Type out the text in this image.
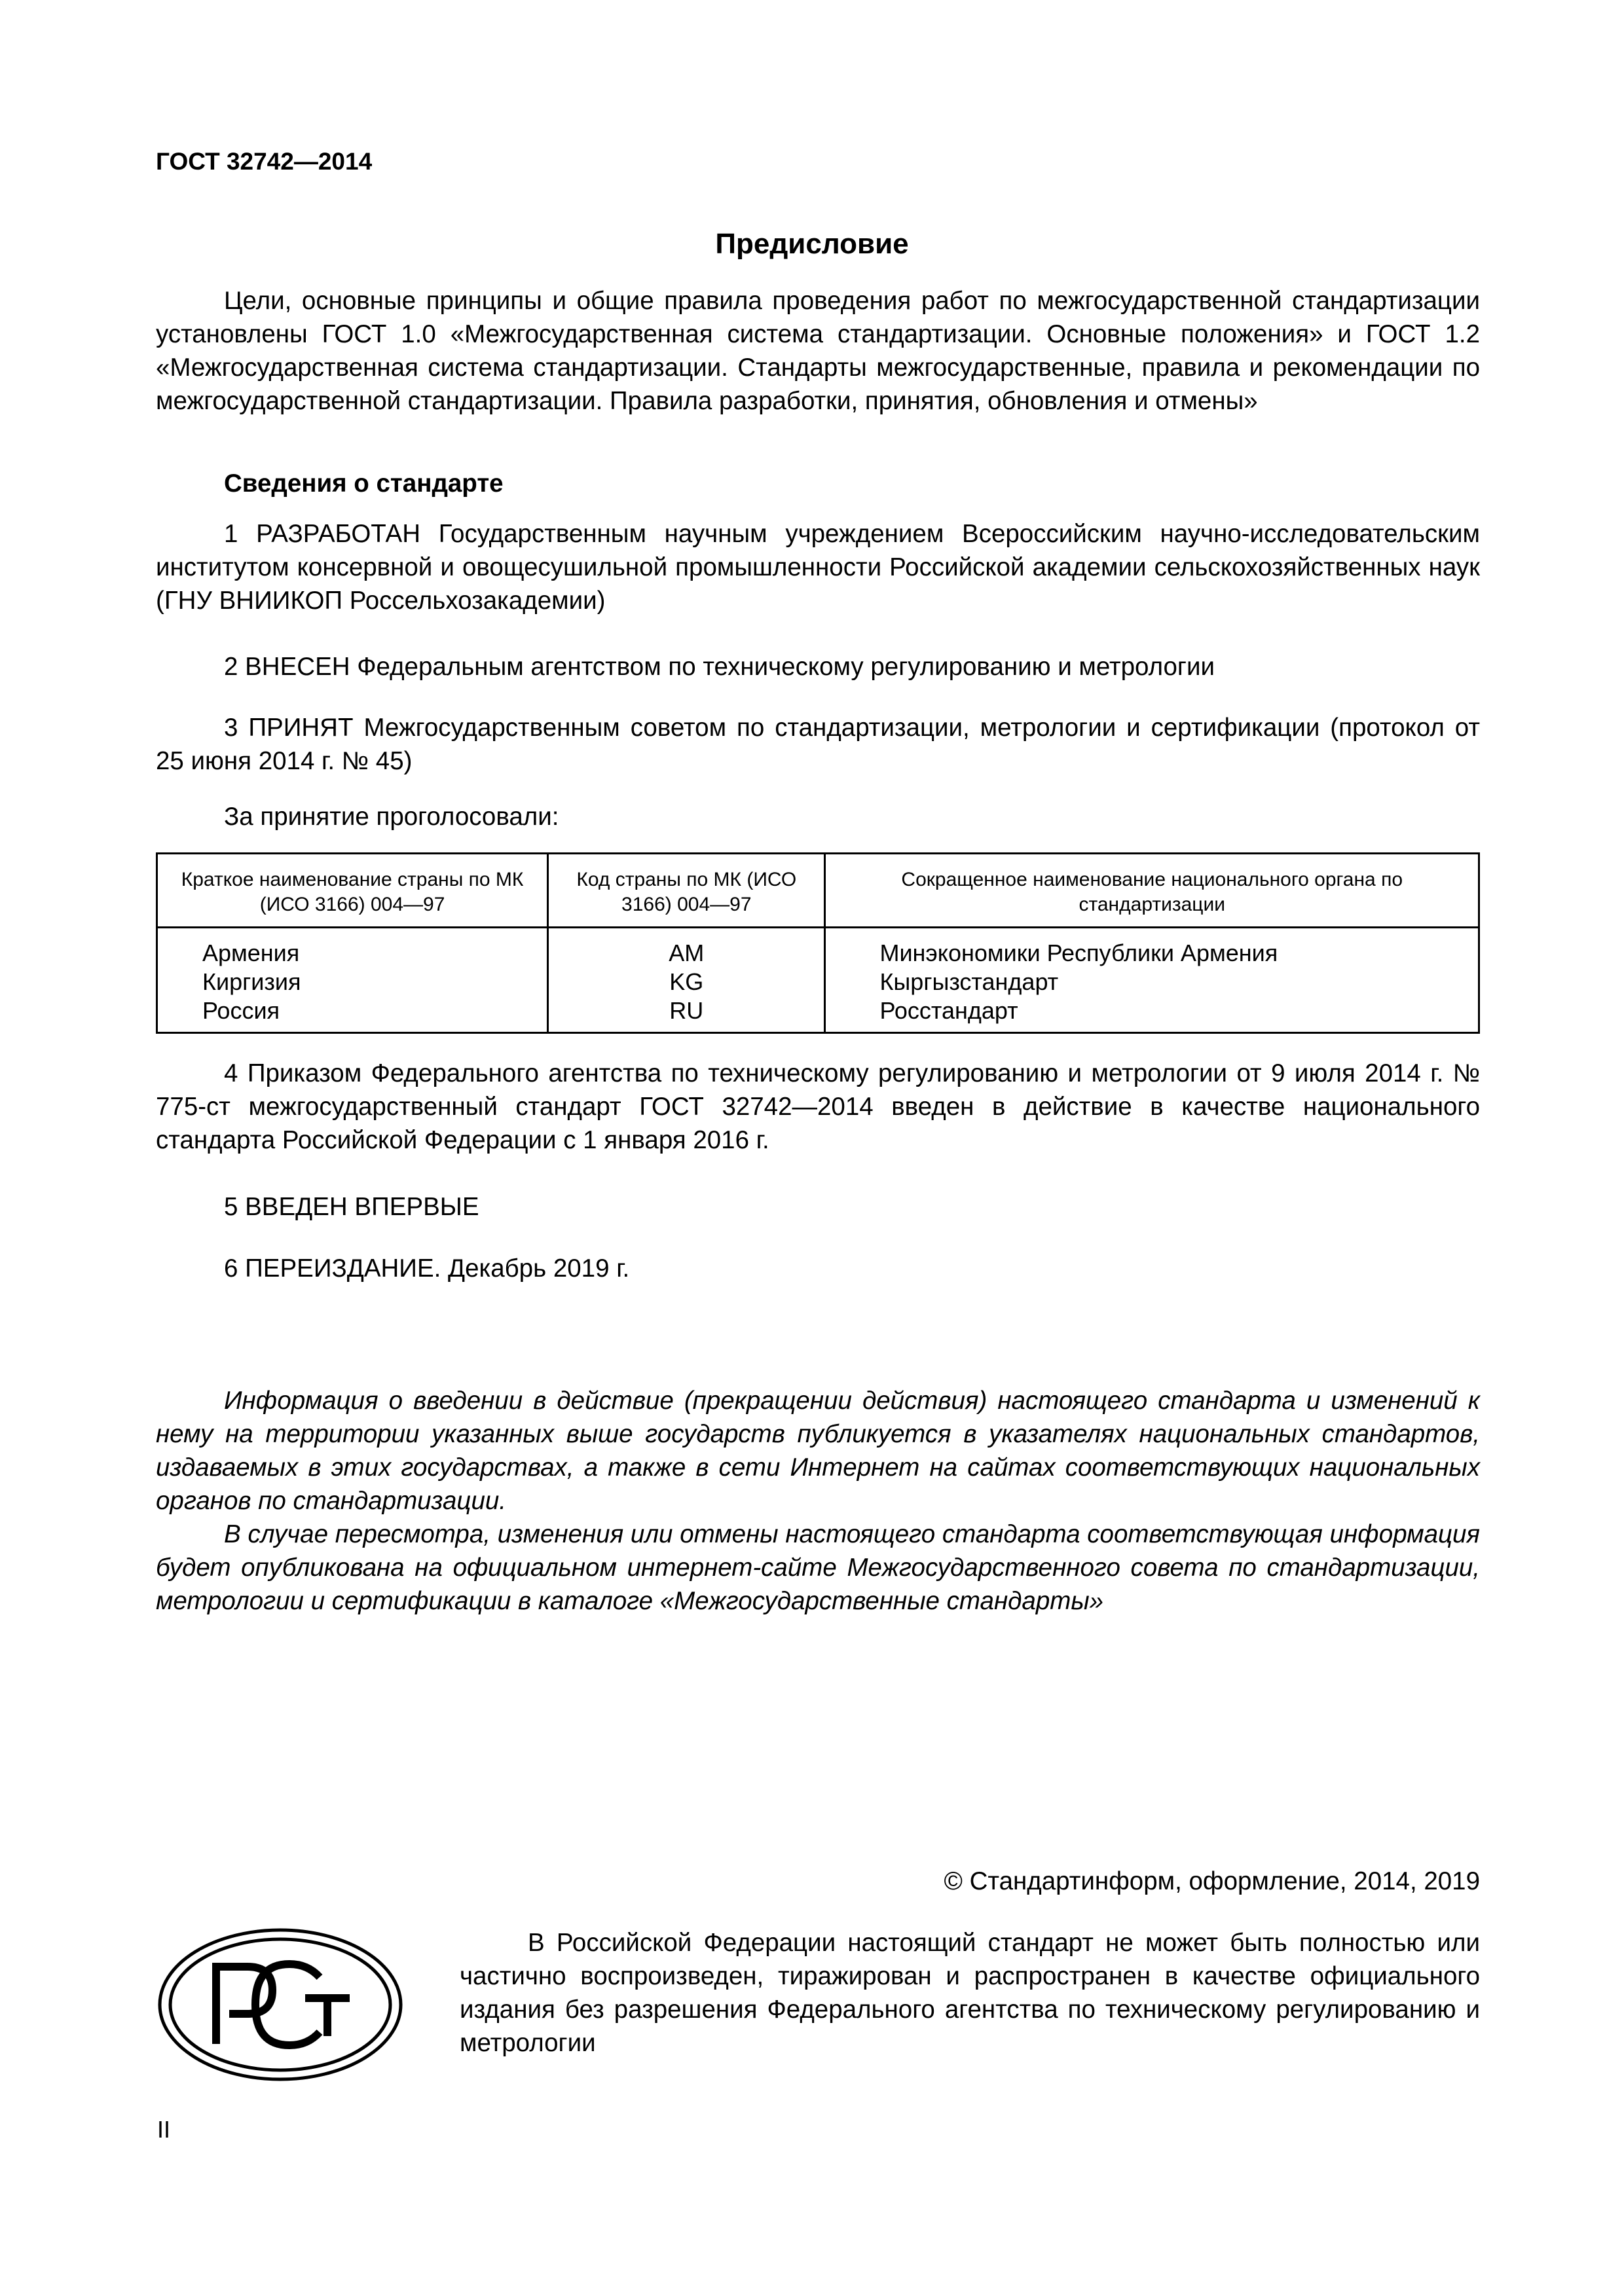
ГОСТ 32742—2014
Предисловие
Цели, основные принципы и общие правила проведения работ по межгосударственной стандартизации установлены ГОСТ 1.0 «Межгосударственная система стандартизации. Основные положения» и ГОСТ 1.2 «Межгосударственная система стандартизации. Стандарты межгосударственные, правила и рекомендации по межгосударственной стандартизации. Правила разработки, принятия, обновления и отмены»
Сведения о стандарте
1 РАЗРАБОТАН Государственным научным учреждением Всероссийским научно-исследовательским институтом консервной и овощесушильной промышленности Российской академии сельскохозяйственных наук (ГНУ ВНИИКОП Россельхозакадемии)
2 ВНЕСЕН Федеральным агентством по техническому регулированию и метрологии
3 ПРИНЯТ Межгосударственным советом по стандартизации, метрологии и сертификации (протокол от 25 июня 2014 г. № 45)
За принятие проголосовали:
Краткое наименование страны по МК (ИСО 3166) 004—97	Код страны по МК (ИСО 3166) 004—97	Сокращенное наименование национального органа по стандартизации
Армения	AM	Минэкономики Республики Армения
Киргизия	KG	Кыргызстандарт
Россия	RU	Росстандарт
4 Приказом Федерального агентства по техническому регулированию и метрологии от 9 июля 2014 г. № 775-ст межгосударственный стандарт ГОСТ 32742—2014 введен в действие в качестве национального стандарта Российской Федерации с 1 января 2016 г.
5 ВВЕДЕН ВПЕРВЫЕ
6 ПЕРЕИЗДАНИЕ. Декабрь 2019 г.
Информация о введении в действие (прекращении действия) настоящего стандарта и изменений к нему на территории указанных выше государств публикуется в указателях национальных стандартов, издаваемых в этих государствах, а также в сети Интернет на сайтах соответствующих национальных органов по стандартизации.
В случае пересмотра, изменения или отмены настоящего стандарта соответствующая информация будет опубликована на официальном интернет-сайте Межгосударственного совета по стандартизации, метрологии и сертификации в каталоге «Межгосударственные стандарты»
© Стандартинформ, оформление, 2014, 2019
В Российской Федерации настоящий стандарт не может быть полностью или частично воспроизведен, тиражирован и распространен в качестве официального издания без разрешения Федерального агентства по техническому регулированию и метрологии
II
